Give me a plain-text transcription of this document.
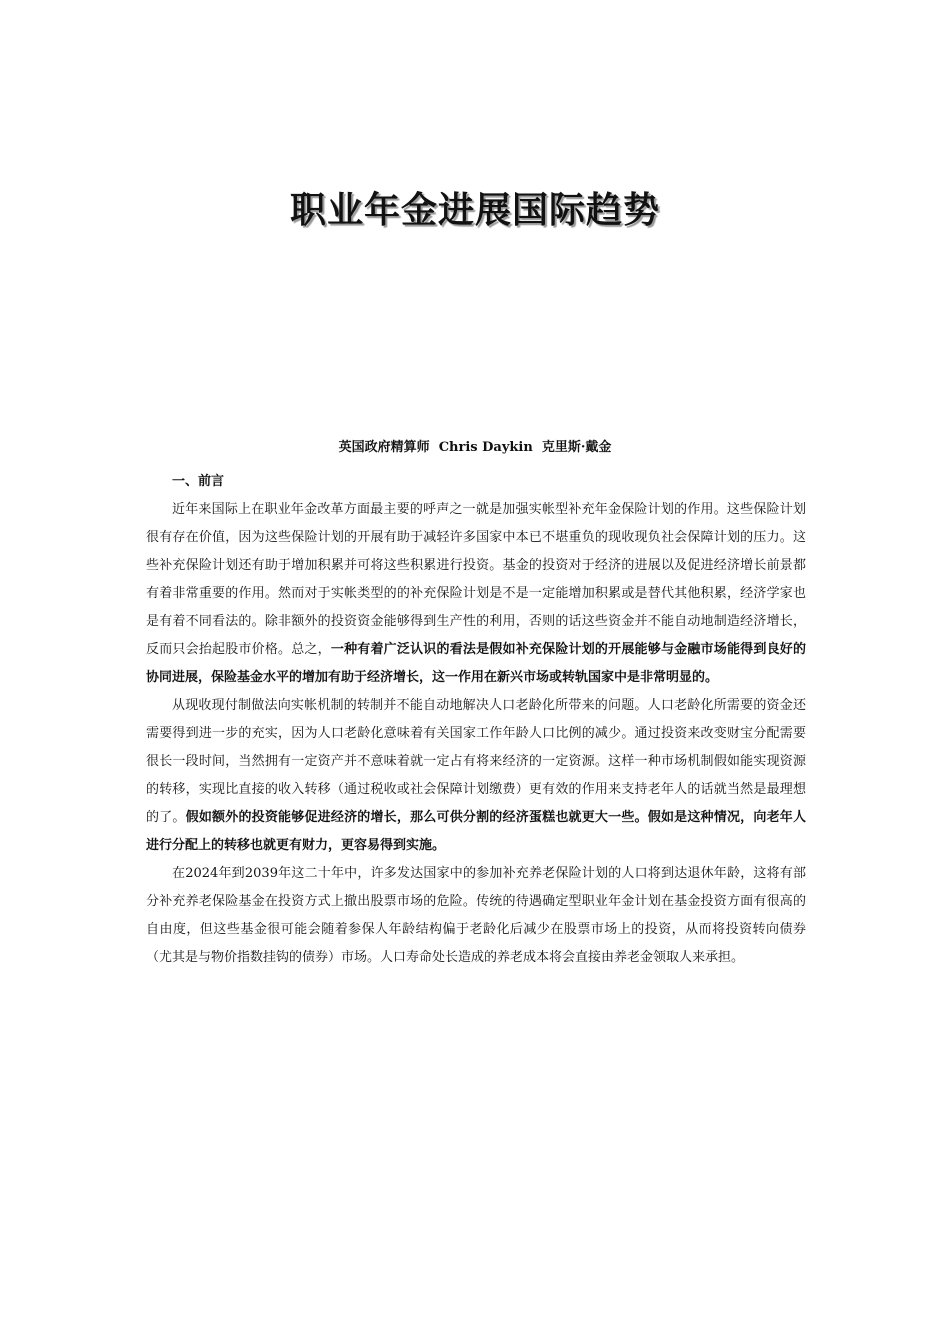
职业年金进展国际趋势
英国政府精算师  Chris Daykin  克里斯·戴金

一、前言

近年来国际上在职业年金改革方面最主要的呼声之一就是加强实帐型补充年金保险计划的作用。这些保险计划很有存在价值，因为这些保险计划的开展有助于减轻许多国家中本已不堪重负的现收现负社会保障计划的压力。这些补充保险计划还有助于增加积累并可将这些积累进行投资。基金的投资对于经济的进展以及促进经济增长前景都有着非常重要的作用。然而对于实帐类型的的补充保险计划是不是一定能增加积累或是替代其他积累，经济学家也是有着不同看法的。除非额外的投资资金能够得到生产性的利用，否则的话这些资金并不能自动地制造经济增长，反而只会抬起股市价格。总之，一种有着广泛认识的看法是假如补充保险计划的开展能够与金融市场能得到良好的协同进展，保险基金水平的增加有助于经济增长，这一作用在新兴市场或转轨国家中是非常明显的。

从现收现付制做法向实帐机制的转制并不能自动地解决人口老龄化所带来的问题。人口老龄化所需要的资金还需要得到进一步的充实，因为人口老龄化意味着有关国家工作年龄人口比例的减少。通过投资来改变财宝分配需要很长一段时间，当然拥有一定资产并不意味着就一定占有将来经济的一定资源。这样一种市场机制假如能实现资源的转移，实现比直接的收入转移（通过税收或社会保障计划缴费）更有效的作用来支持老年人的话就当然是最理想的了。假如额外的投资能够促进经济的增长，那么可供分割的经济蛋糕也就更大一些。假如是这种情况，向老年人进行分配上的转移也就更有财力，更容易得到实施。

在2024年到2039年这二十年中，许多发达国家中的参加补充养老保险计划的人口将到达退休年龄，这将有部分补充养老保险基金在投资方式上撤出股票市场的危险。传统的待遇确定型职业年金计划在基金投资方面有很高的自由度，但这些基金很可能会随着参保人年龄结构偏于老龄化后减少在股票市场上的投资，从而将投资转向债券（尤其是与物价指数挂钩的债券）市场。人口寿命处长造成的养老成本将会直接由养老金领取人来承担。
